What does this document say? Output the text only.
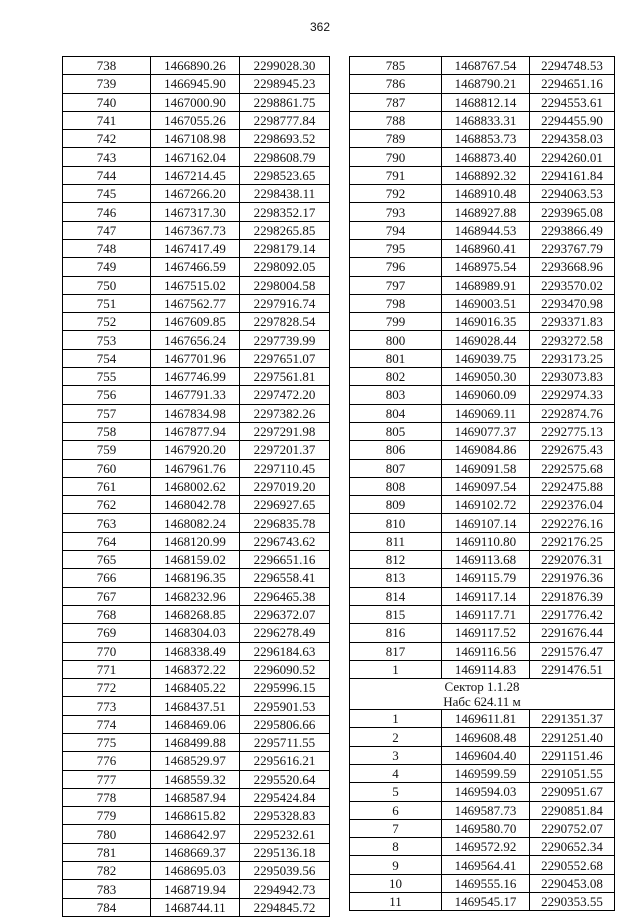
362
738	1466890.26	2299028.30
739	1466945.90	2298945.23
740	1467000.90	2298861.75
741	1467055.26	2298777.84
742	1467108.98	2298693.52
743	1467162.04	2298608.79
744	1467214.45	2298523.65
745	1467266.20	2298438.11
746	1467317.30	2298352.17
747	1467367.73	2298265.85
748	1467417.49	2298179.14
749	1467466.59	2298092.05
750	1467515.02	2298004.58
751	1467562.77	2297916.74
752	1467609.85	2297828.54
753	1467656.24	2297739.99
754	1467701.96	2297651.07
755	1467746.99	2297561.81
756	1467791.33	2297472.20
757	1467834.98	2297382.26
758	1467877.94	2297291.98
759	1467920.20	2297201.37
760	1467961.76	2297110.45
761	1468002.62	2297019.20
762	1468042.78	2296927.65
763	1468082.24	2296835.78
764	1468120.99	2296743.62
765	1468159.02	2296651.16
766	1468196.35	2296558.41
767	1468232.96	2296465.38
768	1468268.85	2296372.07
769	1468304.03	2296278.49
770	1468338.49	2296184.63
771	1468372.22	2296090.52
772	1468405.22	2295996.15
773	1468437.51	2295901.53
774	1468469.06	2295806.66
775	1468499.88	2295711.55
776	1468529.97	2295616.21
777	1468559.32	2295520.64
778	1468587.94	2295424.84
779	1468615.82	2295328.83
780	1468642.97	2295232.61
781	1468669.37	2295136.18
782	1468695.03	2295039.56
783	1468719.94	2294942.73
784	1468744.11	2294845.72
785	1468767.54	2294748.53
786	1468790.21	2294651.16
787	1468812.14	2294553.61
788	1468833.31	2294455.90
789	1468853.73	2294358.03
790	1468873.40	2294260.01
791	1468892.32	2294161.84
792	1468910.48	2294063.53
793	1468927.88	2293965.08
794	1468944.53	2293866.49
795	1468960.41	2293767.79
796	1468975.54	2293668.96
797	1468989.91	2293570.02
798	1469003.51	2293470.98
799	1469016.35	2293371.83
800	1469028.44	2293272.58
801	1469039.75	2293173.25
802	1469050.30	2293073.83
803	1469060.09	2292974.33
804	1469069.11	2292874.76
805	1469077.37	2292775.13
806	1469084.86	2292675.43
807	1469091.58	2292575.68
808	1469097.54	2292475.88
809	1469102.72	2292376.04
810	1469107.14	2292276.16
811	1469110.80	2292176.25
812	1469113.68	2292076.31
813	1469115.79	2291976.36
814	1469117.14	2291876.39
815	1469117.71	2291776.42
816	1469117.52	2291676.44
817	1469116.56	2291576.47
1	1469114.83	2291476.51

Сектор 1.1.28
Набс 624.11 м		

1	1469611.81	2291351.37
2	1469608.48	2291251.40
3	1469604.40	2291151.46
4	1469599.59	2291051.55
5	1469594.03	2290951.67
6	1469587.73	2290851.84
7	1469580.70	2290752.07
8	1469572.92	2290652.34
9	1469564.41	2290552.68
10	1469555.16	2290453.08
11	1469545.17	2290353.55
